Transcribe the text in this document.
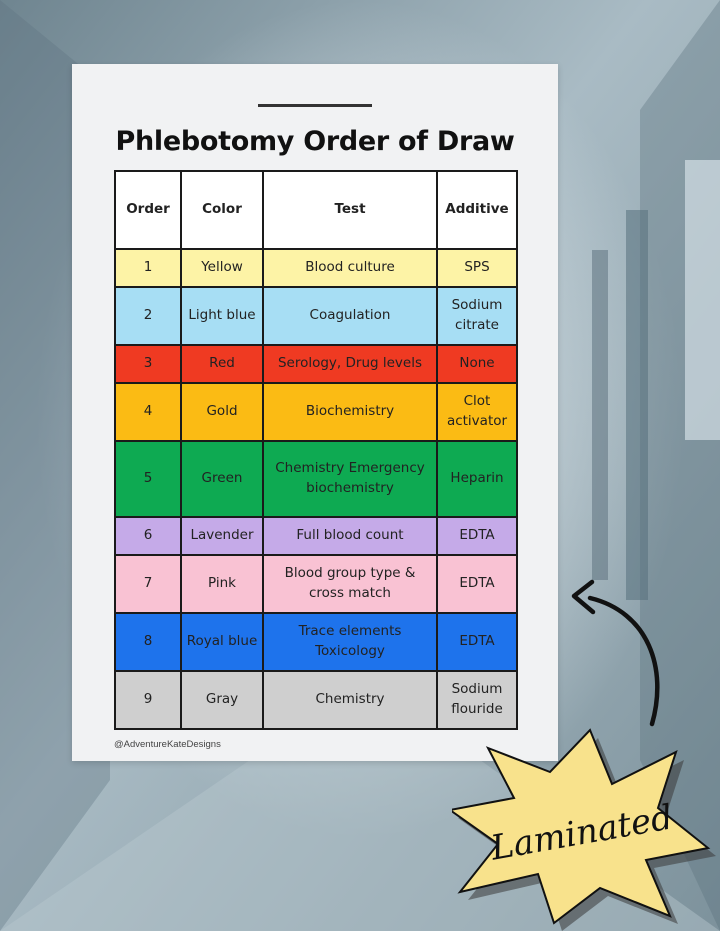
Phlebotomy Order of Draw
Order	Color	Test	Additive
1	Yellow	Blood culture	SPS
2	Light blue	Coagulation	Sodium citrate
3	Red	Serology, Drug levels	None
4	Gold	Biochemistry	Clot activator
5	Green	Chemistry Emergency biochemistry	Heparin
6	Lavender	Full blood count	EDTA
7	Pink	Blood group type & cross match	EDTA
8	Royal blue	Trace elements Toxicology	EDTA
9	Gray	Chemistry	Sodium flouride
@AdventureKateDesigns
Laminated
